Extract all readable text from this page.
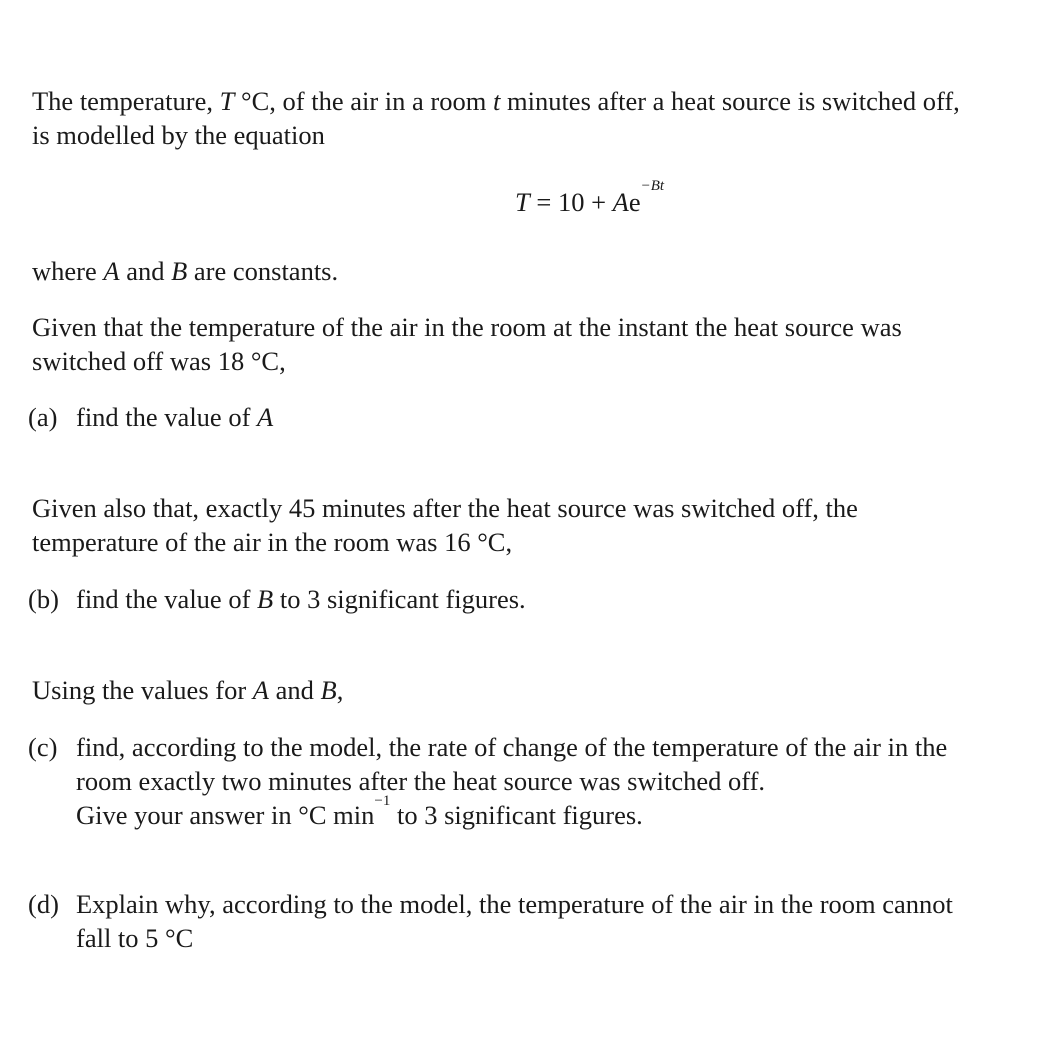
The temperature, T °C, of the air in a room t minutes after a heat source is switched off,

is modelled by the equation

$T = 10 + Ae^{-Bt}$

where A and B are constants.

Given that the temperature of the air in the room at the instant the heat source was

switched off was 18 °C,

(a) find the value of A

Given also that, exactly 45 minutes after the heat source was switched off, the

temperature of the air in the room was 16 °C,

(b) find the value of B to 3 significant figures.

Using the values for A and B,

(c) find, according to the model, the rate of change of the temperature of the air in the

room exactly two minutes after the heat source was switched off.

Give your answer in °C $\min^{-1}$ to 3 significant figures.

(d) Explain why, according to the model, the temperature of the air in the room cannot

fall to 5 °C
